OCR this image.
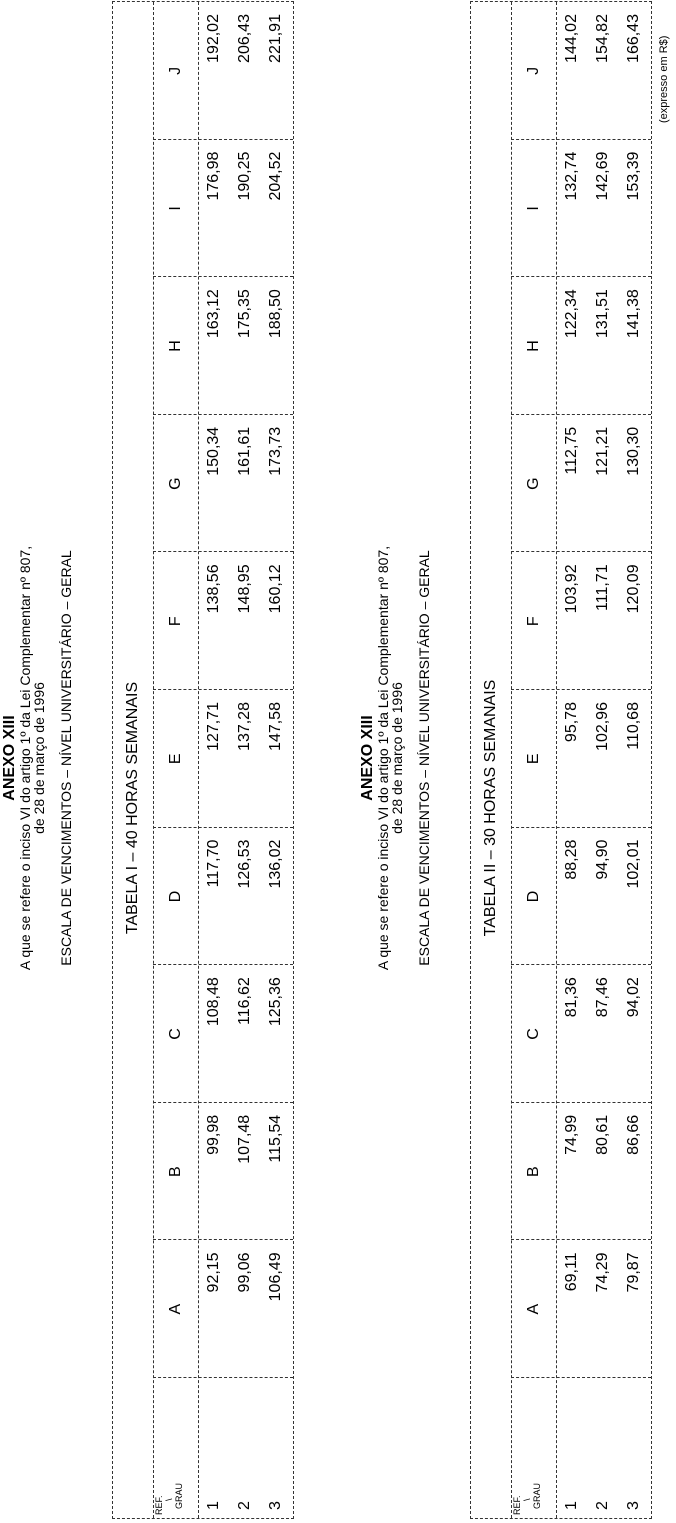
ANEXO XIII A que se refere o inciso VI do artigo 1º da Lei Complementar nº 807,
de 28 de março de 1996 ESCALA DE VENCIMENTOS – NÍVEL UNIVERSITÁRIO – GERAL	TABELA I – 40 HORAS SEMANAIS
REF. \ GRAU
A
B
C
D
E
F
G
H
I
J
1
92,15
99,98
108,48
117,70
127,71
138,56
150,34
163,12
176,98
192,02
2
99,06
107,48
116,62
126,53
137,28
148,95
161,61
175,35
190,25
206,43
3
106,49
115,54
125,36
136,02
147,58
160,12
173,73
188,50
204,52
221,91
ANEXO XIII A que se refere o inciso VI do artigo 1º da Lei Complementar nº 807,
de 28 de março de 1996 ESCALA DE VENCIMENTOS – NÍVEL UNIVERSITÁRIO – GERAL	TABELA II – 30 HORAS SEMANAIS
REF. \ GRAU
A
B
C
D
E
F
G
H
I
J
1
69,11
74,99
81,36
88,28
95,78
103,92
112,75
122,34
132,74
144,02
2
74,29
80,61
87,46
94,90
102,96
111,71
121,21
131,51
142,69
154,82
3
79,87
86,66
94,02
102,01
110,68
120,09
130,30
141,38
153,39
166,43 (expresso em R$)
